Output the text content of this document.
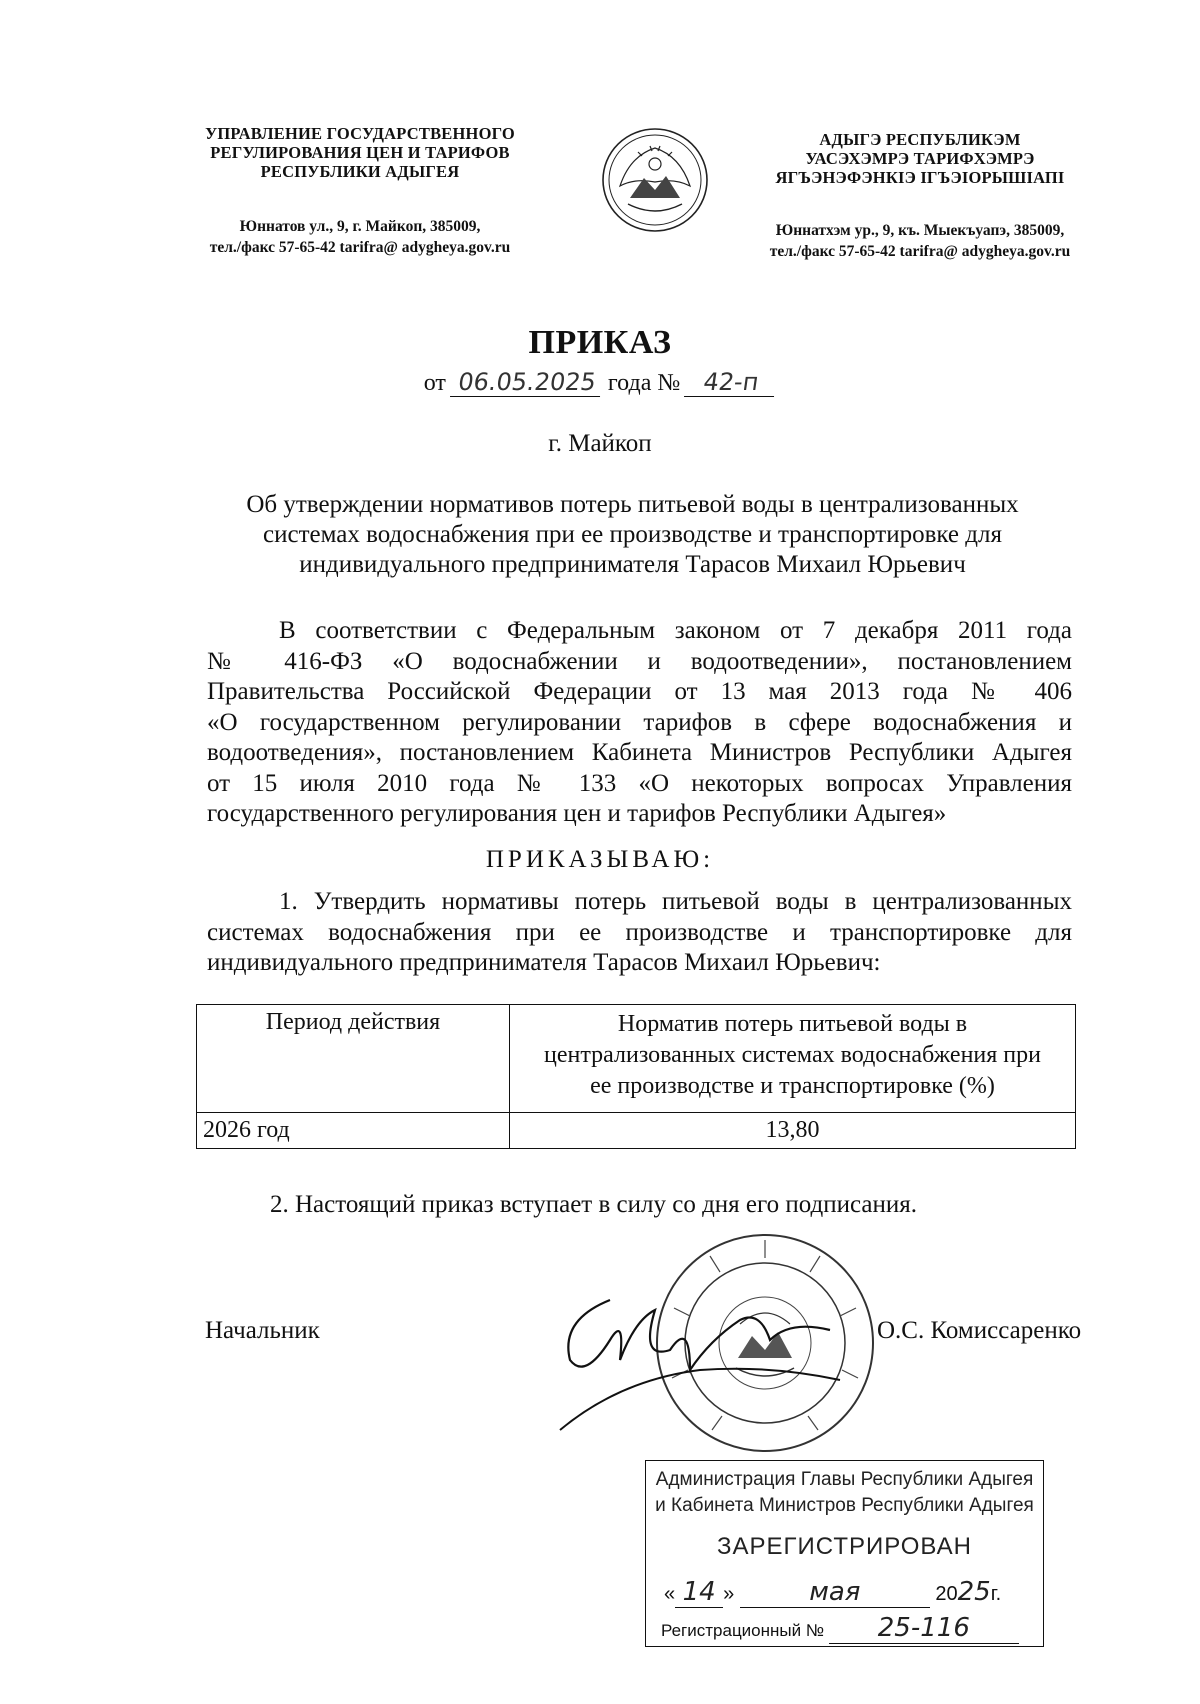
УПРАВЛЕНИЕ ГОСУДАРСТВЕННОГО
РЕГУЛИРОВАНИЯ ЦЕН И ТАРИФОВ
РЕСПУБЛИКИ АДЫГЕЯ
Юннатов ул., 9, г. Майкоп, 385009,
тел./факс 57-65-42 tarifra@ adygheya.gov.ru
АДЫГЭ РЕСПУБЛИКЭМ
УАСЭХЭМРЭ ТАРИФХЭМРЭ
ЯГЪЭНЭФЭНКIЭ IГЪЭIОРЫШIАПI
Юннатхэм ур., 9, къ. Мыекъуапэ, 385009,
тел./факс 57-65-42 tarifra@ adygheya.gov.ru
ПРИКАЗ
от 06.05.2025 года № 42-п
г. Майкоп
Об утверждении нормативов потерь питьевой воды в централизованных
системах водоснабжения при ее производстве и транспортировке для
индивидуального предпринимателя Тарасов Михаил Юрьевич
В соответствии с Федеральным законом от 7 декабря 2011 года
№ 416-ФЗ «О водоснабжении и водоотведении», постановлением
Правительства Российской Федерации от 13 мая 2013 года № 406
«О государственном регулировании тарифов в сфере водоснабжения и
водоотведения», постановлением Кабинета Министров Республики Адыгея
от 15 июля 2010 года № 133 «О некоторых вопросах Управления
государственного регулирования цен и тарифов Республики Адыгея»
ПРИКАЗЫВАЮ:
1. Утвердить нормативы потерь питьевой воды в централизованных
системах водоснабжения при ее производстве и транспортировке для
индивидуального предпринимателя Тарасов Михаил Юрьевич:
Период действия	Норматив потерь питьевой воды в централизованных системах водоснабжения при ее производстве и транспортировке (%)
2026 год	13,80
2. Настоящий приказ вступает в силу со дня его подписания.
Начальник	О.С. Комиссаренко
Администрация Главы Республики Адыгея
и Кабинета Министров Республики Адыгея
ЗАРЕГИСТРИРОВАН
« 14 »	мая	2025г.
Регистрационный № 25-116
